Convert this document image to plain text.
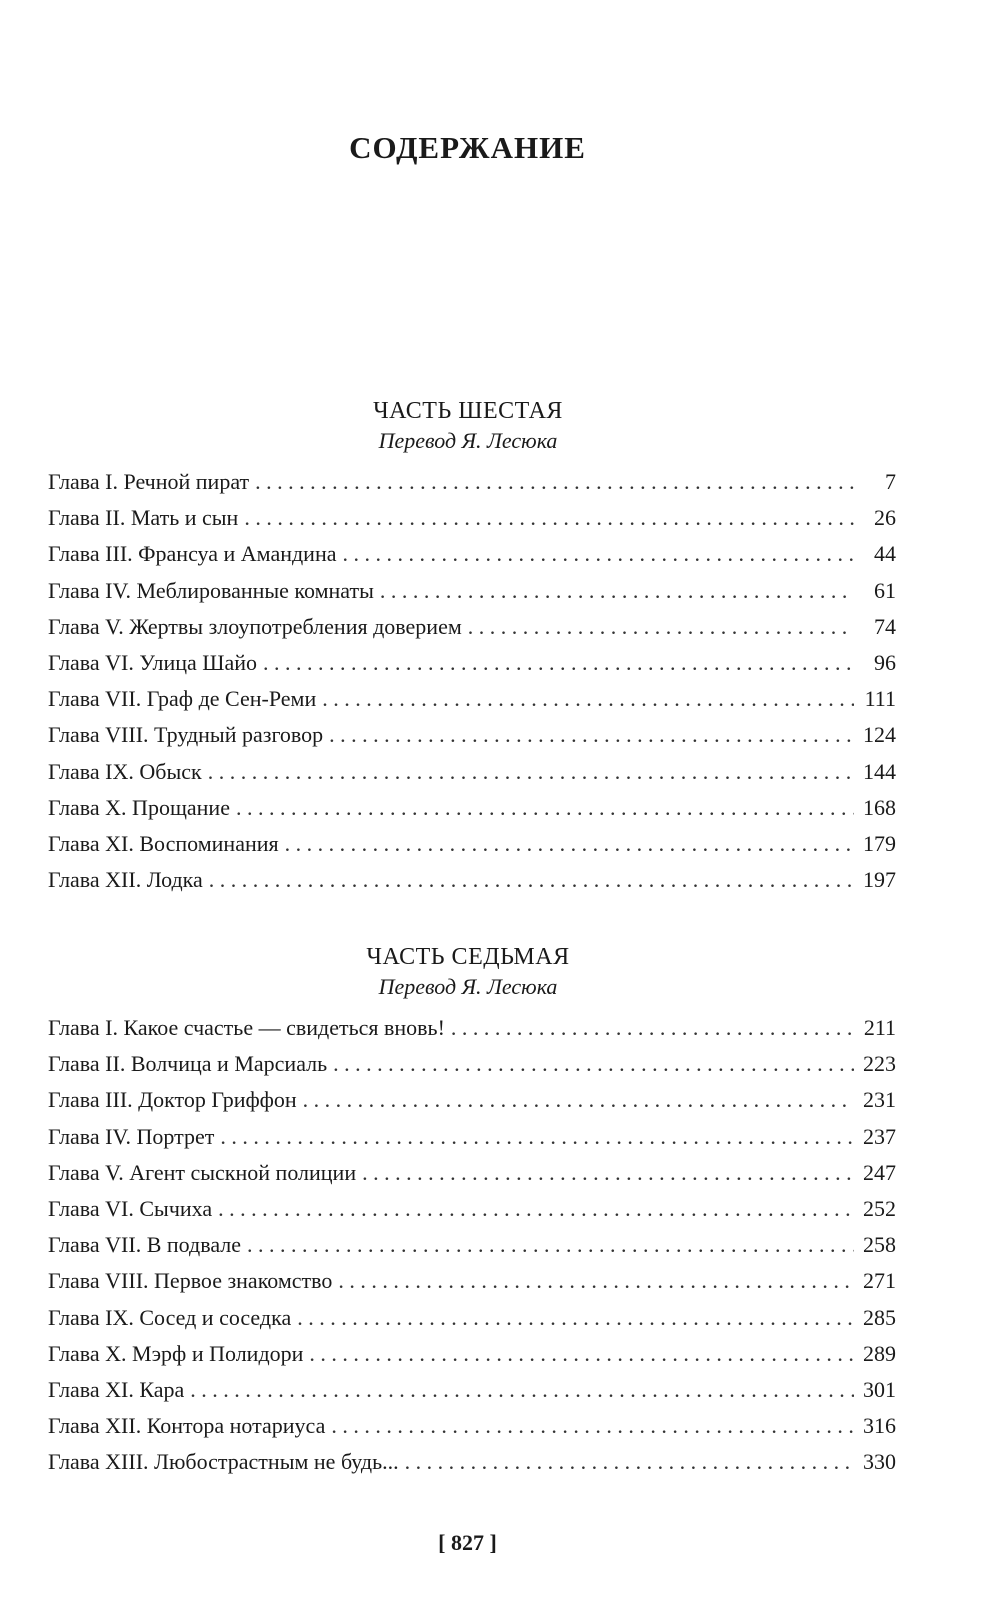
СОДЕРЖАНИЕ
ЧАСТЬ ШЕСТАЯ
Перевод Я. Лесюка
Глава I. Речной пират . . .	7
Глава II. Мать и сын . . .	26
Глава III. Франсуа и Амандина . . .	44
Глава IV. Меблированные комнаты . . .	61
Глава V. Жертвы злоупотребления доверием . . .	74
Глава VI. Улица Шайо . . .	96
Глава VII. Граф де Сен-Реми . . .	111
Глава VIII. Трудный разговор . . .	124
Глава IX. Обыск . . .	144
Глава X. Прощание . . .	168
Глава XI. Воспоминания . . .	179
Глава XII. Лодка . . .	197
ЧАСТЬ СЕДЬМАЯ
Перевод Я. Лесюка
Глава I. Какое счастье — свидеться вновь! . . .	211
Глава II. Волчица и Марсиаль . . .	223
Глава III. Доктор Гриффон . . .	231
Глава IV. Портрет . . .	237
Глава V. Агент сыскной полиции . . .	247
Глава VI. Сычиха . . .	252
Глава VII. В подвале . . .	258
Глава VIII. Первое знакомство . . .	271
Глава IX. Сосед и соседка . . .	285
Глава X. Мэрф и Полидори . . .	289
Глава XI. Кара . . .	301
Глава XII. Контора нотариуса . . .	316
Глава XIII. Любострастным не будь... . . .	330
[ 827 ]
